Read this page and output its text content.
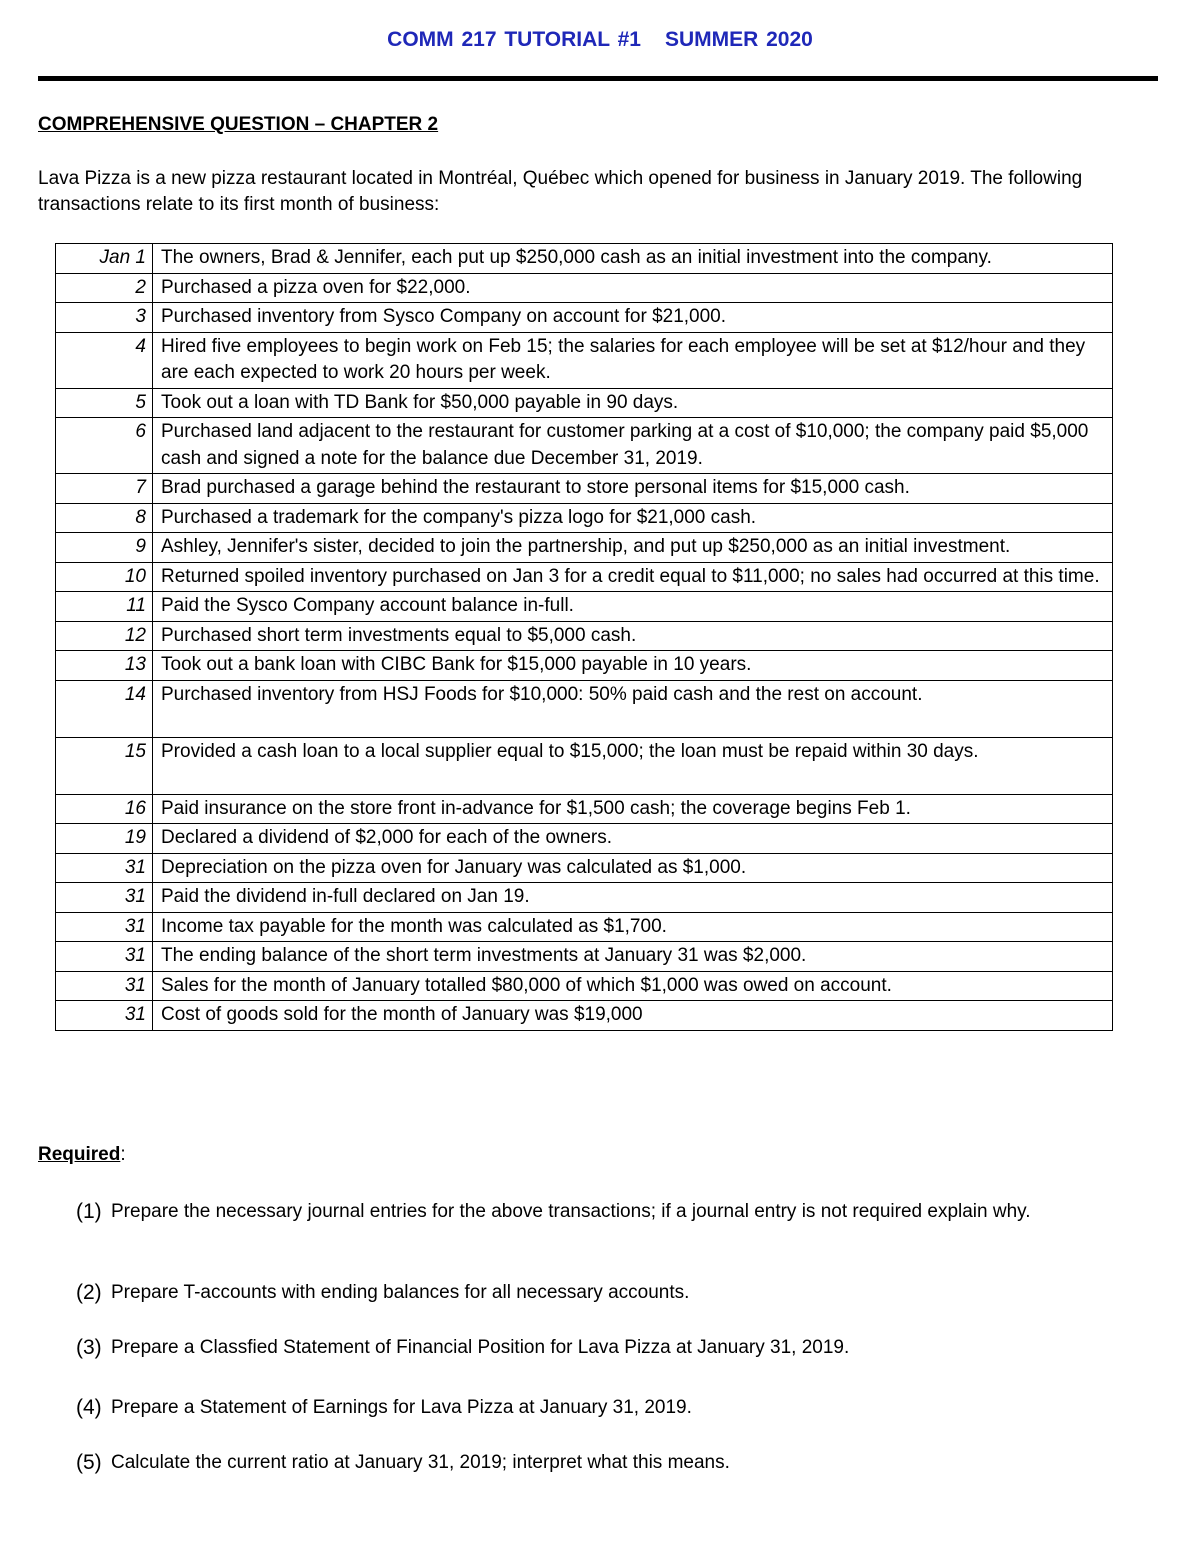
COMM 217 TUTORIAL #1 SUMMER 2020
COMPREHENSIVE QUESTION – CHAPTER 2
Lava Pizza is a new pizza restaurant located in Montréal, Québec which opened for business in January 2019. The following transactions relate to its first month of business:
Jan 1	The owners, Brad & Jennifer, each put up $250,000 cash as an initial investment into the company.
2	Purchased a pizza oven for $22,000.
3	Purchased inventory from Sysco Company on account for $21,000.
4	Hired five employees to begin work on Feb 15; the salaries for each employee will be set at $12/hour and they are each expected to work 20 hours per week.
5	Took out a loan with TD Bank for $50,000 payable in 90 days.
6	Purchased land adjacent to the restaurant for customer parking at a cost of $10,000; the company paid $5,000 cash and signed a note for the balance due December 31, 2019.
7	Brad purchased a garage behind the restaurant to store personal items for $15,000 cash.
8	Purchased a trademark for the company's pizza logo for $21,000 cash.
9	Ashley, Jennifer's sister, decided to join the partnership, and put up $250,000 as an initial investment.
10	Returned spoiled inventory purchased on Jan 3 for a credit equal to $11,000; no sales had occurred at this time.
11	Paid the Sysco Company account balance in-full.
12	Purchased short term investments equal to $5,000 cash.
13	Took out a bank loan with CIBC Bank for $15,000 payable in 10 years.
14	Purchased inventory from HSJ Foods for $10,000: 50% paid cash and the rest on account.
15	Provided a cash loan to a local supplier equal to $15,000; the loan must be repaid within 30 days.
16	Paid insurance on the store front in-advance for $1,500 cash; the coverage begins Feb 1.
19	Declared a dividend of $2,000 for each of the owners.
31	Depreciation on the pizza oven for January was calculated as $1,000.
31	Paid the dividend in-full declared on Jan 19.
31	Income tax payable for the month was calculated as $1,700.
31	The ending balance of the short term investments at January 31 was $2,000.
31	Sales for the month of January totalled $80,000 of which $1,000 was owed on account.
31	Cost of goods sold for the month of January was $19,000
Required:
(1) Prepare the necessary journal entries for the above transactions; if a journal entry is not required explain why.
(2) Prepare T-accounts with ending balances for all necessary accounts.
(3) Prepare a Classfied Statement of Financial Position for Lava Pizza at January 31, 2019.
(4) Prepare a Statement of Earnings for Lava Pizza at January 31, 2019.
(5) Calculate the current ratio at January 31, 2019; interpret what this means.
